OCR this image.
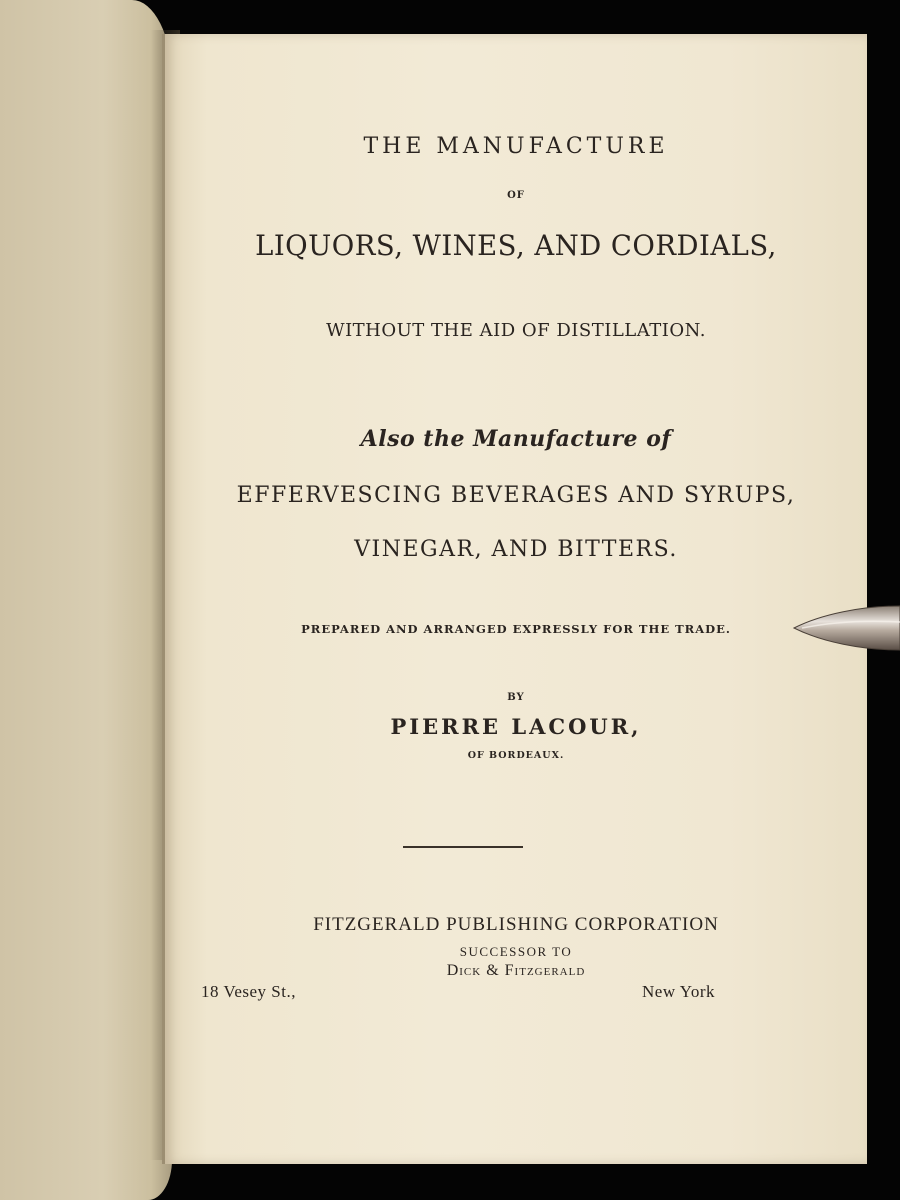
THE MANUFACTURE
OF
LIQUORS, WINES, AND CORDIALS,
WITHOUT THE AID OF DISTILLATION.
Also the Manufacture of
EFFERVESCING BEVERAGES AND SYRUPS,
VINEGAR, AND BITTERS.
PREPARED AND ARRANGED EXPRESSLY FOR THE TRADE.
BY
PIERRE LACOUR,
OF BORDEAUX.
FITZGERALD PUBLISHING CORPORATION
SUCCESSOR TO
Dick & Fitzgerald
18 Vesey St.,	New York
